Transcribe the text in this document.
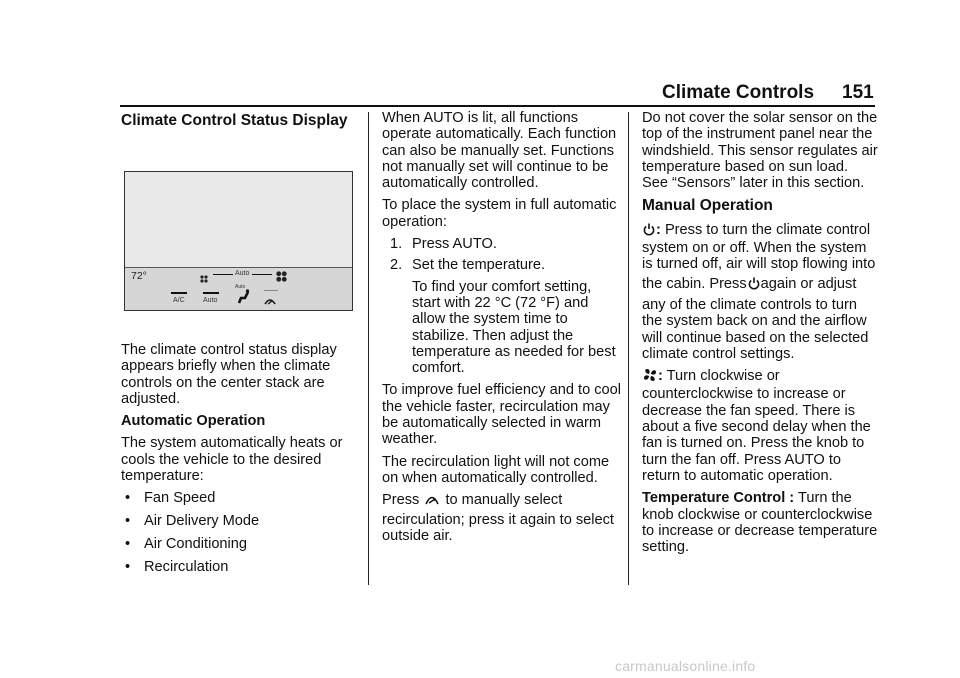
Climate Controls 151
Climate Control Status Display
72°	Auto
A/C	Auto
Auto

The climate control status display appears briefly when the climate controls on the center stack are adjusted.

Automatic Operation

The system automatically heats or cools the vehicle to the desired temperature:

• Fan Speed
• Air Delivery Mode
• Air Conditioning
• Recirculation

When AUTO is lit, all functions operate automatically. Each function can also be manually set. Functions not manually set will continue to be automatically controlled.

To place the system in full automatic operation:

1. Press AUTO.
2. Set the temperature.

To find your comfort setting, start with 22 °C (72 °F) and allow the system time to stabilize. Then adjust the temperature as needed for best comfort.

To improve fuel efficiency and to cool the vehicle faster, recirculation may be automatically selected in warm weather.

The recirculation light will not come on when automatically controlled.

Press to manually select

recirculation; press it again to select outside air.

Do not cover the solar sensor on the top of the instrument panel near the windshield. This sensor regulates air temperature based on sun load. See “Sensors” later in this section.

Manual Operation

: Press to turn the climate control system on or off. When the system is turned off, air will stop flowing into

the cabin. Press again or adjust

any of the climate controls to turn the system back on and the airflow will continue based on the selected climate control settings.

: Turn clockwise or counterclockwise to increase or decrease the fan speed. There is about a five second delay when the fan is turned on. Press the knob to turn the fan off. Press AUTO to return to automatic operation.

Temperature Control : Turn the knob clockwise or counterclockwise to increase or decrease temperature setting.

carmanualsonline.info
